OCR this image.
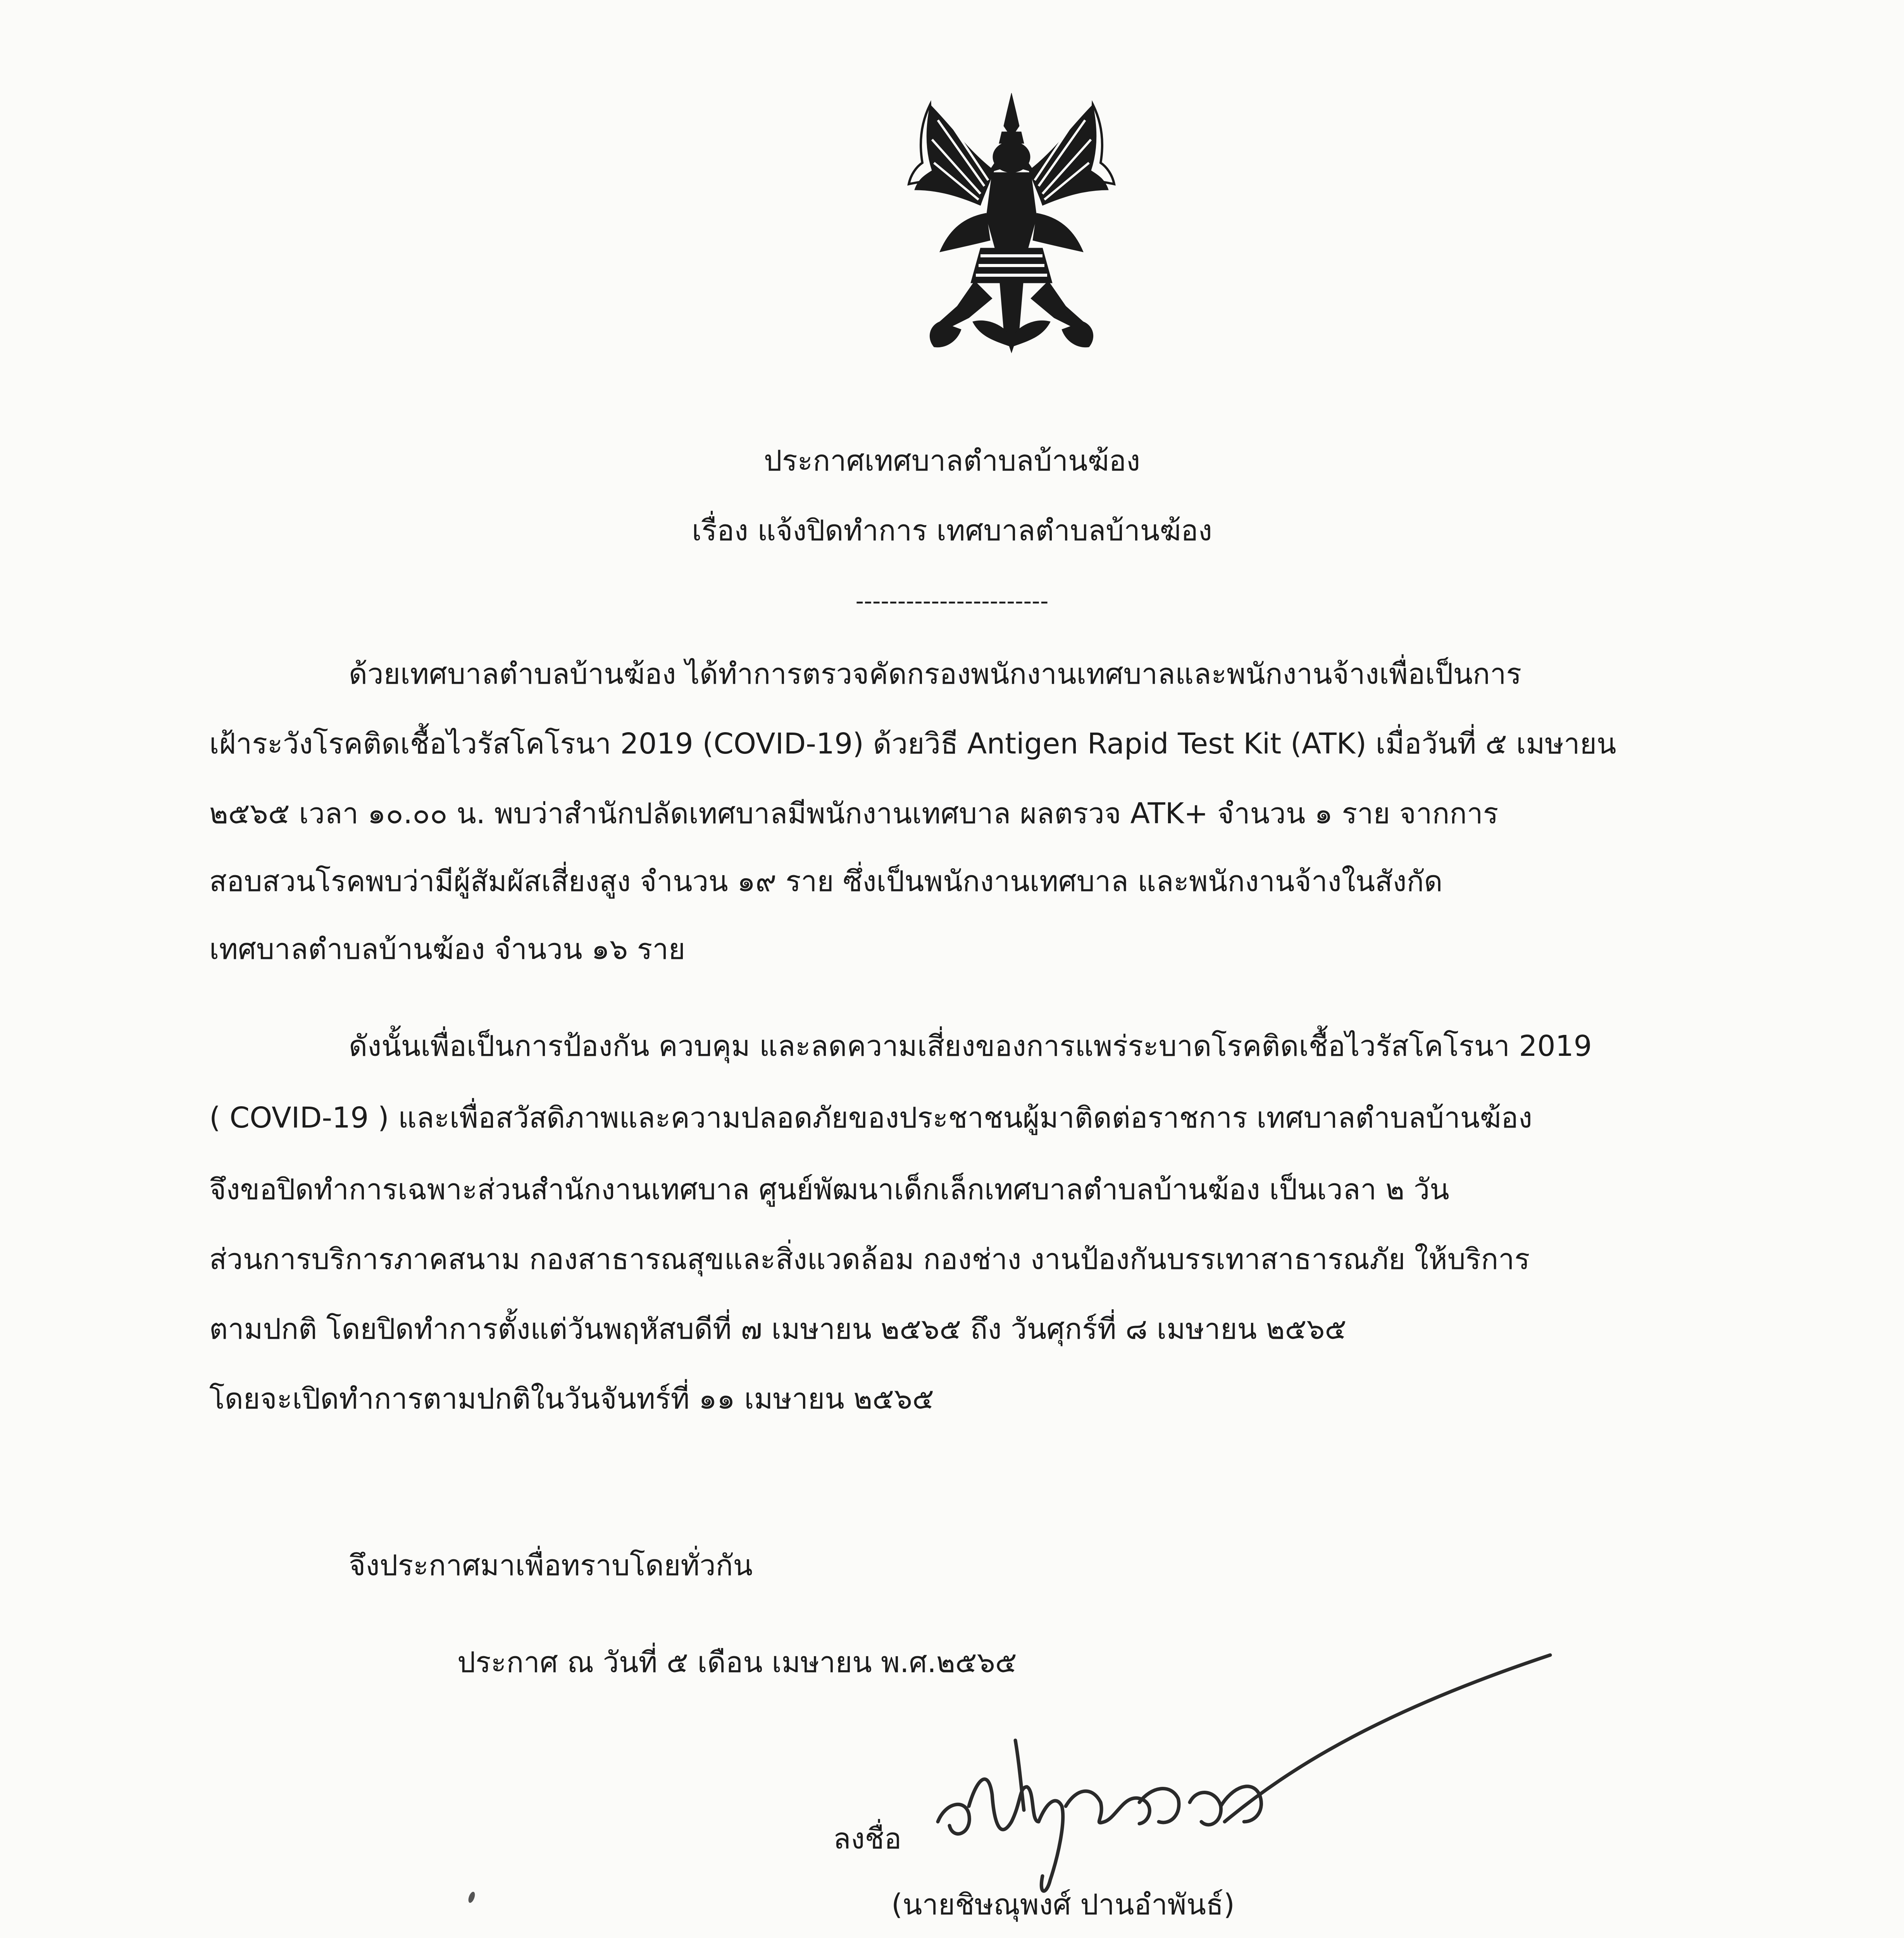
ประกาศเทศบาลตำบลบ้านฆ้อง
เรื่อง แจ้งปิดทำการ เทศบาลตำบลบ้านฆ้อง
-----------------------
ด้วยเทศบาลตำบลบ้านฆ้อง ได้ทำการตรวจคัดกรองพนักงานเทศบาลและพนักงานจ้างเพื่อเป็นการ
เฝ้าระวังโรคติดเชื้อไวรัสโคโรนา 2019 (COVID-19) ด้วยวิธี Antigen Rapid Test Kit (ATK) เมื่อวันที่ ๕ เมษายน
๒๕๖๕ เวลา ๑๐.๐๐ น. พบว่าสำนักปลัดเทศบาลมีพนักงานเทศบาล ผลตรวจ ATK+ จำนวน ๑ ราย จากการ
สอบสวนโรคพบว่ามีผู้สัมผัสเสี่ยงสูง จำนวน ๑๙ ราย ซึ่งเป็นพนักงานเทศบาล และพนักงานจ้างในสังกัด
เทศบาลตำบลบ้านฆ้อง จำนวน ๑๖ ราย
ดังนั้นเพื่อเป็นการป้องกัน ควบคุม และลดความเสี่ยงของการแพร่ระบาดโรคติดเชื้อไวรัสโคโรนา 2019
( COVID-19 ) และเพื่อสวัสดิภาพและความปลอดภัยของประชาชนผู้มาติดต่อราชการ เทศบาลตำบลบ้านฆ้อง
จึงขอปิดทำการเฉพาะส่วนสำนักงานเทศบาล ศูนย์พัฒนาเด็กเล็กเทศบาลตำบลบ้านฆ้อง เป็นเวลา ๒ วัน
ส่วนการบริการภาคสนาม กองสาธารณสุขและสิ่งแวดล้อม กองช่าง งานป้องกันบรรเทาสาธารณภัย ให้บริการ
ตามปกติ โดยปิดทำการตั้งแต่วันพฤหัสบดีที่ ๗ เมษายน ๒๕๖๕ ถึง วันศุกร์ที่ ๘ เมษายน ๒๕๖๕
โดยจะเปิดทำการตามปกติในวันจันทร์ที่ ๑๑ เมษายน ๒๕๖๕
จึงประกาศมาเพื่อทราบโดยทั่วกัน
ประกาศ ณ วันที่ ๕ เดือน เมษายน พ.ศ.๒๕๖๕
ลงชื่อ
(นายชิษณุพงศ์ ปานอำพันธ์)
